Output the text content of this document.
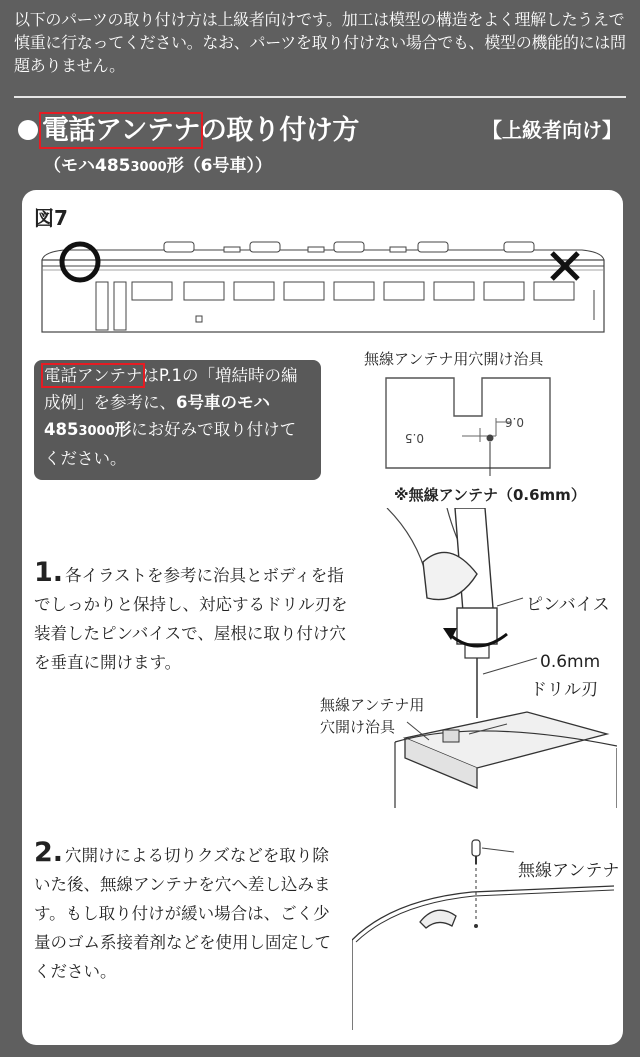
以下のパーツの取り付け方は上級者向けです。加工は模型の構造をよく理解したうえで慎重に行なってください。なお、パーツを取り付けない場合でも、模型の機能的には問題ありません。
電話アンテナの取り付け方	【上級者向け】
（モハ4853000形（6号車））
図7
電話アンテナはP.1の「増結時の編成例」を参考に、6号車のモハ4853000形にお好みで取り付けてください。
無線アンテナ用穴開け治具
0.5
0.6
※無線アンテナ（0.6mm）
1. 各イラストを参考に治具とボディを指でしっかりと保持し、対応するドリル刃を装着したピンバイスで、屋根に取り付け穴を垂直に開けます。
ピンバイス
0.6mm
ドリル刃
無線アンテナ用
穴開け治具
2. 穴開けによる切りクズなどを取り除いた後、無線アンテナを穴へ差し込みます。もし取り付けが緩い場合は、ごく少量のゴム系接着剤などを使用し固定してください。
無線アンテナ
